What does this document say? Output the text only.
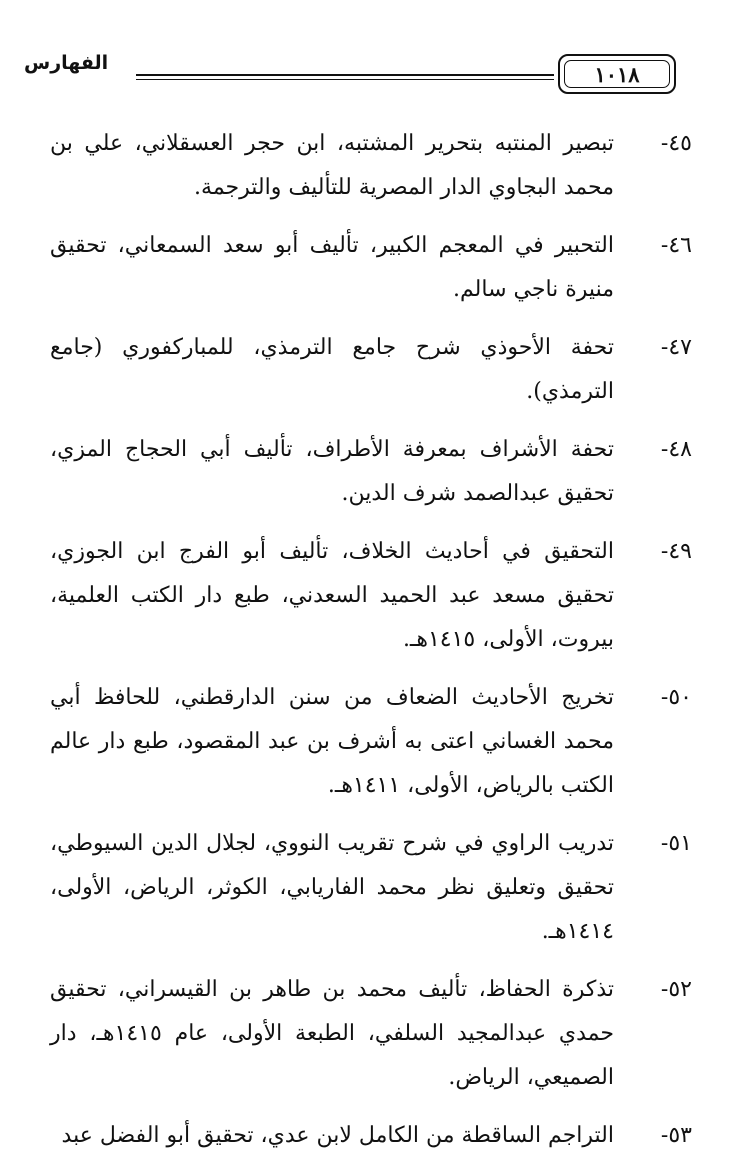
الفهارس	١٠١٨
٤٥-
تبصير المنتبه بتحرير المشتبه، ابن حجر العسقلاني، علي بن محمد البجاوي الدار المصرية للتأليف والترجمة.
٤٦-
التحبير في المعجم الكبير، تأليف أبو سعد السمعاني، تحقيق منيرة ناجي سالم.
٤٧-
تحفة الأحوذي شرح جامع الترمذي، للمباركفوري (جامع الترمذي).
٤٨-
تحفة الأشراف بمعرفة الأطراف، تأليف أبي الحجاج المزي، تحقيق عبدالصمد شرف الدين.
٤٩-
التحقيق في أحاديث الخلاف، تأليف أبو الفرج ابن الجوزي، تحقيق مسعد عبد الحميد السعدني، طبع دار الكتب العلمية، بيروت، الأولى، ١٤١٥هـ.
٥٠-
تخريج الأحاديث الضعاف من سنن الدارقطني، للحافظ أبي محمد الغساني اعتى به أشرف بن عبد المقصود، طبع دار عالم الكتب بالرياض، الأولى، ١٤١١هـ.
٥١-
تدريب الراوي في شرح تقريب النووي، لجلال الدين السيوطي، تحقيق وتعليق نظر محمد الفاريابي، الكوثر، الرياض، الأولى، ١٤١٤هـ.
٥٢-
تذكرة الحفاظ، تأليف محمد بن طاهر بن القيسراني، تحقيق حمدي عبدالمجيد السلفي، الطبعة الأولى، عام ١٤١٥هـ، دار الصميعي، الرياض.
٥٣-
التراجم الساقطة من الكامل لابن عدي، تحقيق أبو الفضل عبد
